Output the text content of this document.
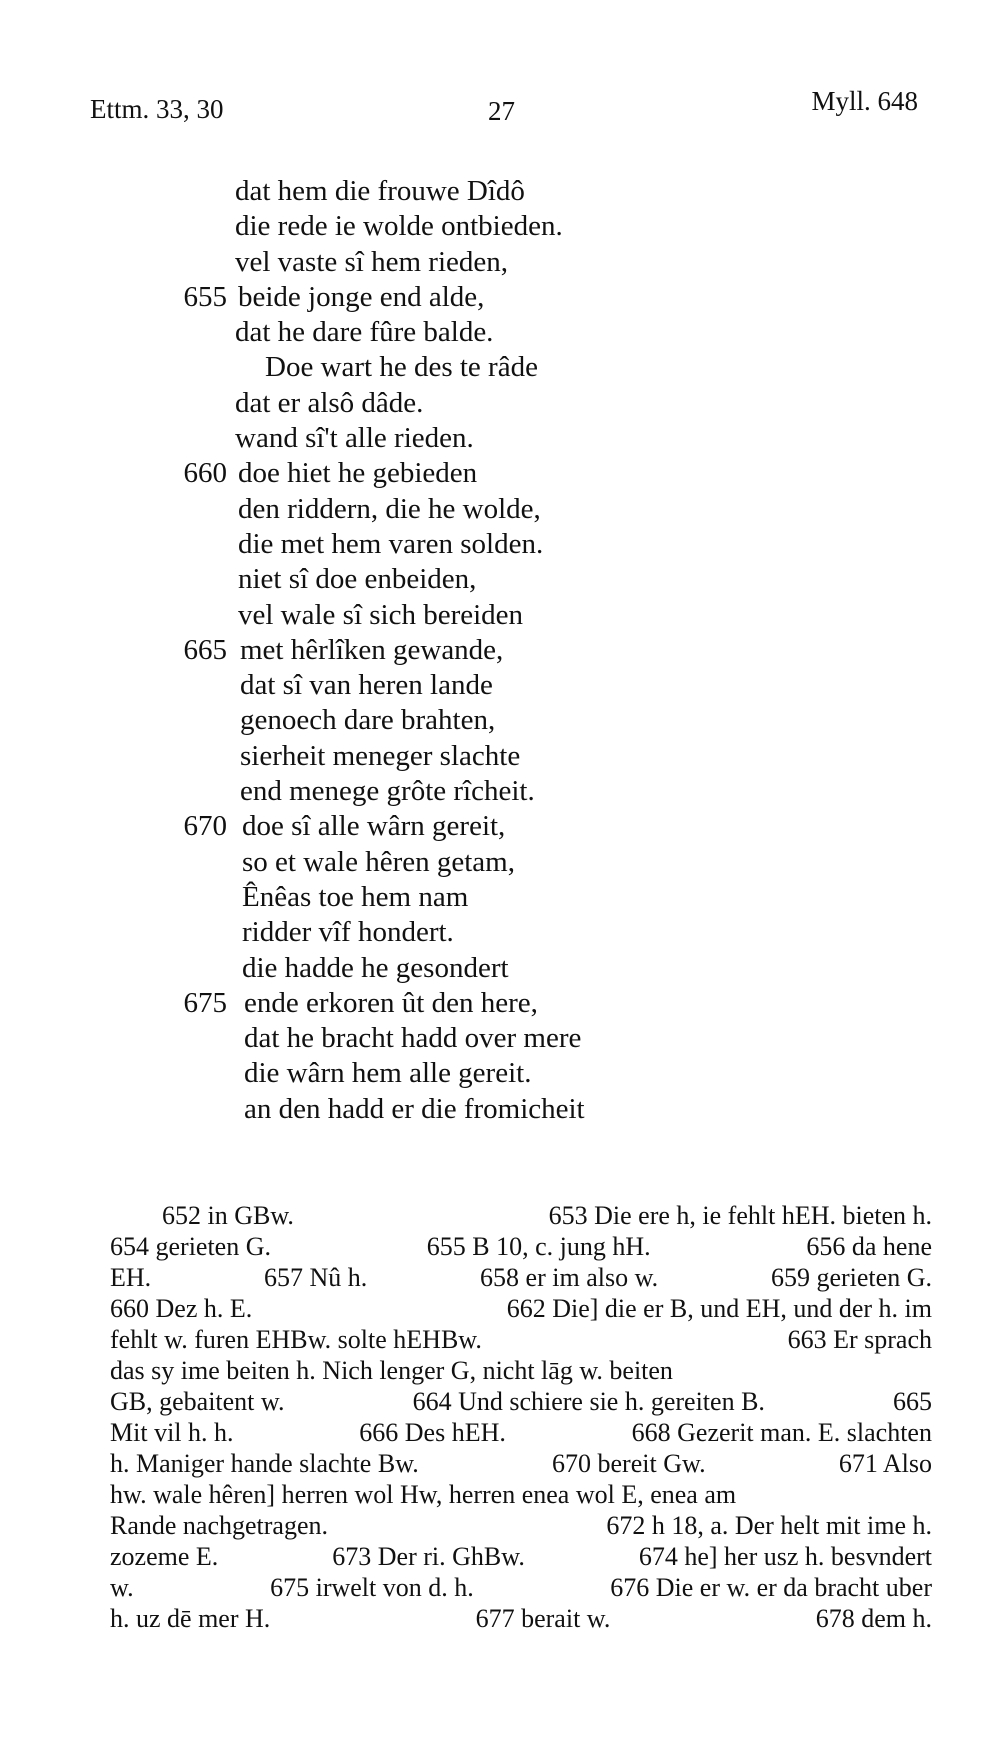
Ettm. 33, 30	27	Myll. 648
dat hem die frouwe Dîdô
die rede ie wolde ontbieden.
vel vaste sî hem rieden,
655 beide jonge end alde,
dat he dare fûre balde.
Doe wart he des te râde
dat er alsô dâde.
wand sî't alle rieden.
660 doe hiet he gebieden
den riddern, die he wolde,
die met hem varen solden.
niet sî doe enbeiden,
vel wale sî sich bereiden
665 met hêrlîken gewande,
dat sî van heren lande
genoech dare brahten,
sierheit meneger slachte
end menege grôte rîcheit.
670 doe sî alle wârn gereit,
so et wale hêren getam,
Ênêas toe hem nam
ridder vîf hondert.
die hadde he gesondert
675 ende erkoren ût den here,
dat he bracht hadd over mere
die wârn hem alle gereit.
an den hadd er die fromicheit
652 in GBw.	653 Die ere h, ie fehlt hEH. bieten h.
654 gerieten G.	655 B 10, c. jung hH.	656 da hene
EH.	657 Nû h.	658 er im also w.	659 gerieten G.
660 Dez h. E.	662 Die] die er B, und EH, und der h. im
fehlt w. furen EHBw. solte hEHBw.	663 Er sprach
das sy ime beiten h. Nich lenger G, nicht lāg w. beiten
GB, gebaitent w.	664 Und schiere sie h. gereiten B.	665
Mit vil h. h.	666 Des hEH.	668 Gezerit man. E. slachten
h. Maniger hande slachte Bw.	670 bereit Gw.	671 Also
hw. wale hêren] herren wol Hw, herren enea wol E, enea am
Rande nachgetragen.	672 h 18, a. Der helt mit ime h.
zozeme E.	673 Der ri. GhBw.	674 he] her usz h. besvndert
w.	675 irwelt von d. h.	676 Die er w. er da bracht uber
h. uz dē mer H.	677 berait w.	678 dem h.
